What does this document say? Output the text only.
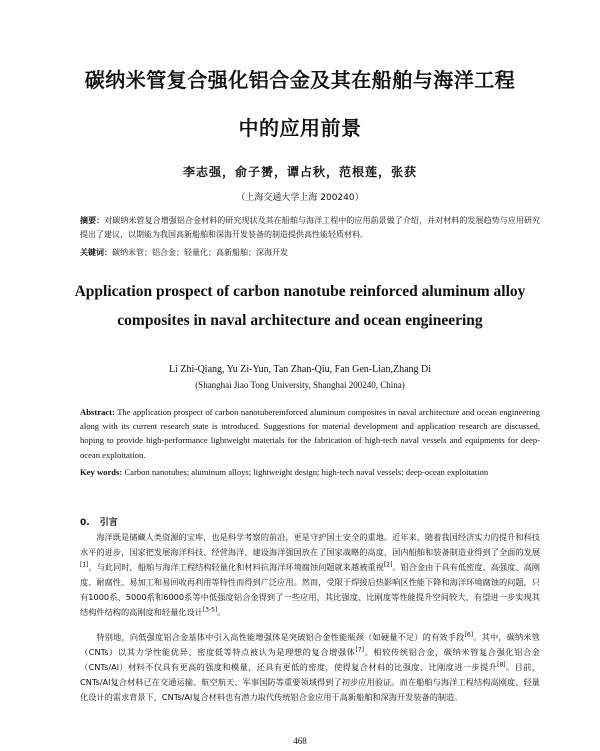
碳纳米管复合强化铝合金及其在船舶与海洋工程
中的应用前景
李志强，俞子赟，谭占秋，范根莲，张获
（上海交通大学上海 200240）
摘要：对碳纳米管复合增强铝合金材料的研究现状及其在船舶与海洋工程中的应用前景做了介绍，并对材料的发展趋势与应用研究提出了建议，以期能为我国高新船舶和深海开发装备的制造提供高性能轻质材料。
关键词：碳纳米管；铝合金；轻量化；高新船舶；深海开发
Application prospect of carbon nanotube reinforced aluminum alloy
composites in naval architecture and ocean engineering
Li Zhi-Qiang, Yu Zi-Yun, Tan Zhan-Qiu, Fan Gen-Lian,Zhang Di
(Shanghai Jiao Tong University, Shanghai 200240, China)
Abstract: The application prospect of carbon nanotubereinforced aluminum composites in naval architecture and ocean engineering along with its current research state is introduced. Suggestions for material development and application research are discussed, hoping to provide high-performance lightweight materials for the fabrication of high-tech naval vessels and equipments for deep-ocean exploitation.
Key words: Carbon nanotubes; aluminum alloys; lightweight design; high-tech naval vessels; deep-ocean exploitation
0. 引言
海洋既是储藏人类资源的宝库，也是科学考察的前沿，更是守护国土安全的重地。近年来，随着我国经济实力的提升和科技水平的进步，国家把发展海洋科技、经营海洋、建设海洋强国放在了国家战略的高度，国内船舶和装备制造业得到了全面的发展[1]。与此同时，船舶与海洋工程结构轻量化和材料抗海洋环境腐蚀问题就来越被重视[2]。铝合金由于具有低密度、高强度、高刚度、耐腐性、易加工和易回收再利用等特性而得到广泛应用。然而，受限于焊接后热影响区性能下降和海洋环境腐蚀的问题，只有1000系、5000系和6000系等中低强度铝合金得到了一些应用，其比强度、比刚度等性能提升空间较大，有望进一步实现其结构件结构的高刚度和轻量化设计[3-5]。
特别地，向低强度铝合金基体中引入高性能增强体是突破铝合金性能瓶颈（如硬量不足）的有效手段[6]。其中，碳纳米管（CNTs）以其力学性能优异、密度低等特点被认为是理想的复合增强体[7]。相较传统铝合金，碳纳米管复合强化铝合金（CNTs/Al）材料不仅具有更高的强度和模量，还具有更低的密度，使得复合材料的比强度、比刚度进一步提升[8]。目前，CNTs/Al复合材料已在交通运输、航空航天、军事国防等重要领域得到了初步应用验证。而在船舶与海洋工程结构高刚度、轻量化设计的需求背景下，CNTs/Al复合材料也有潜力取代传统铝合金应用于高新船舶和深海开发装备的制造。
468
